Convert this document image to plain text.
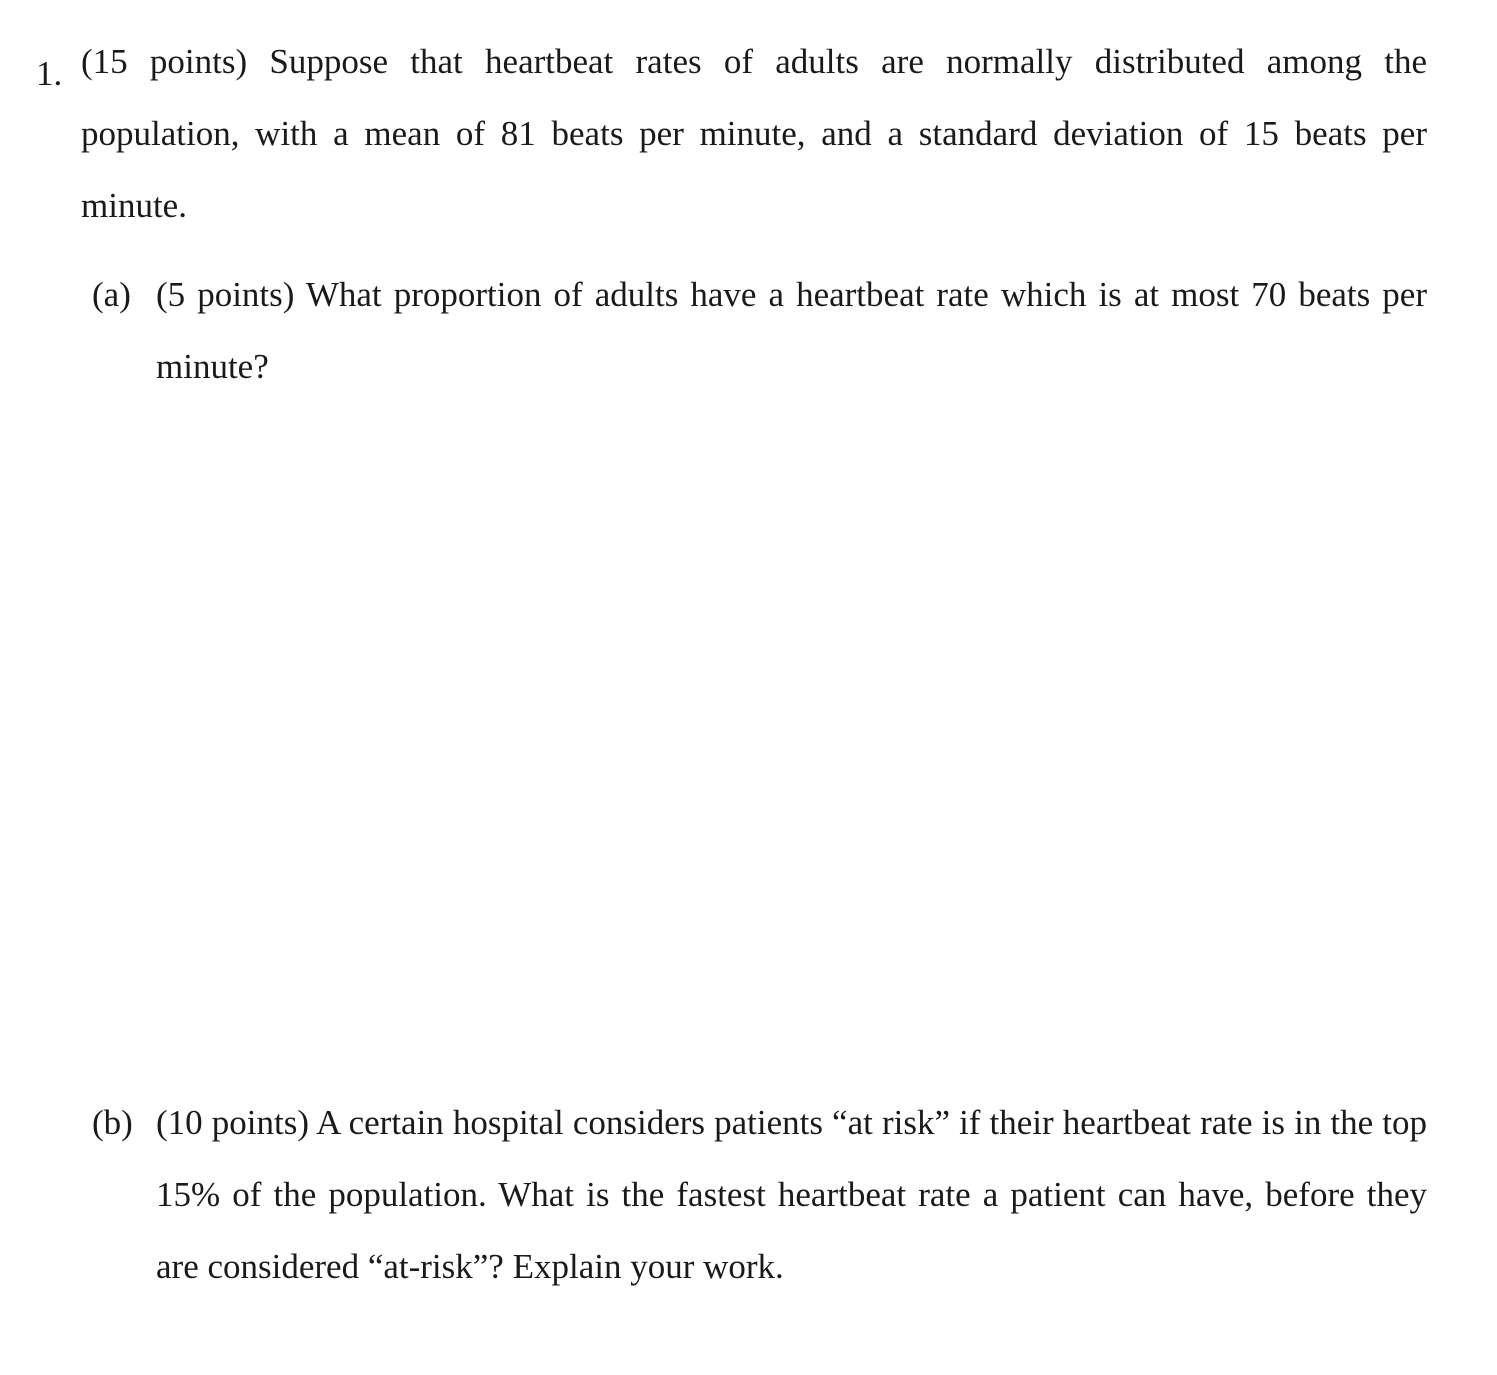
1. (15 points) Suppose that heartbeat rates of adults are normally distributed among the population, with a mean of 81 beats per minute, and a standard deviation of 15 beats per minute.
(a) (5 points) What proportion of adults have a heartbeat rate which is at most 70 beats per minute?
(b) (10 points) A certain hospital considers patients “at risk” if their heartbeat rate is in the top 15% of the population. What is the fastest heartbeat rate a patient can have, before they are considered “at-risk”? Explain your work.
